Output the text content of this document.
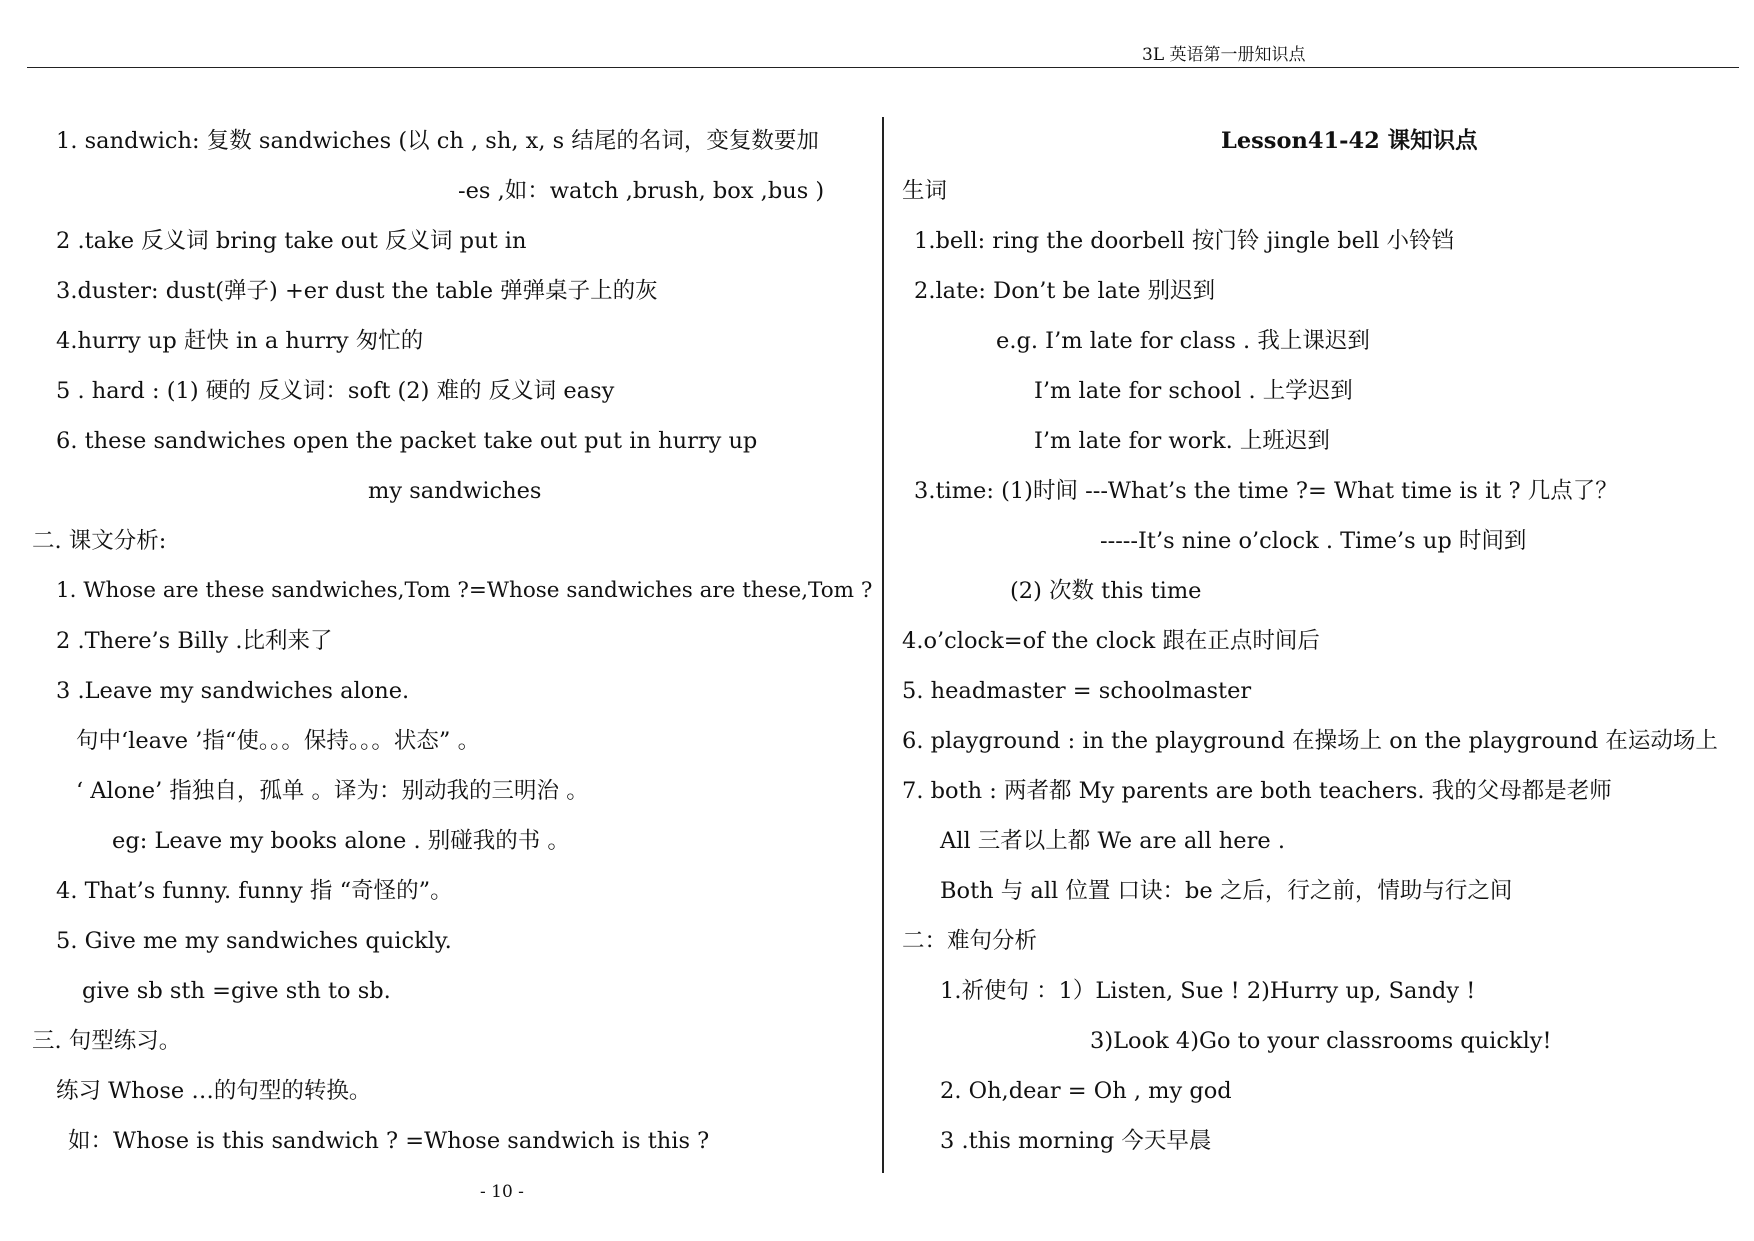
3L 英语第一册知识点
1. sandwich: 复数 sandwiches (以 ch , sh, x, s 结尾的名词，变复数要加
-es ,如：watch ,brush, box ,bus )
2 .take 反义词 bring take out 反义词 put in
3.duster: dust(弹子) +er dust the table 弹弹桌子上的灰
4.hurry up 赶快 in a hurry 匆忙的
5 . hard : (1) 硬的 反义词：soft (2) 难的 反义词 easy
6. these sandwiches open the packet take out put in hurry up
my sandwiches
二. 课文分析:
1. Whose are these sandwiches,Tom ?=Whose sandwiches are these,Tom ?
2 .There’s Billy .比利来了
3 .Leave my sandwiches alone.
句中‘leave ’指“使。。。保持。。。状态” 。
‘ Alone’ 指独自，孤单 。译为：别动我的三明治 。
eg: Leave my books alone . 别碰我的书 。
4. That’s funny. funny 指 “奇怪的”。
5. Give me my sandwiches quickly.
give sb sth =give sth to sb.
三. 句型练习。
练习 Whose …的句型的转换。
如：Whose is this sandwich ? =Whose sandwich is this ?
Lesson41-42 课知识点
生词
1.bell: ring the doorbell 按门铃 jingle bell 小铃铛
2.late: Don’t be late 别迟到
e.g. I’m late for class . 我上课迟到
I’m late for school . 上学迟到
I’m late for work. 上班迟到
3.time: (1)时间 ---What’s the time ?= What time is it ? 几点了？
-----It’s nine o’clock . Time’s up 时间到
(2) 次数 this time
4.o’clock=of the clock 跟在正点时间后
5. headmaster = schoolmaster
6. playground : in the playground 在操场上 on the playground 在运动场上
7. both : 两者都 My parents are both teachers. 我的父母都是老师
All 三者以上都 We are all here .
Both 与 all 位置 口诀：be 之后，行之前，情助与行之间
二：难句分析
1.祈使句 ：1）Listen, Sue ! 2)Hurry up, Sandy !
3)Look 4)Go to your classrooms quickly!
2. Oh,dear = Oh , my god
3 .this morning 今天早晨
- 10 -
